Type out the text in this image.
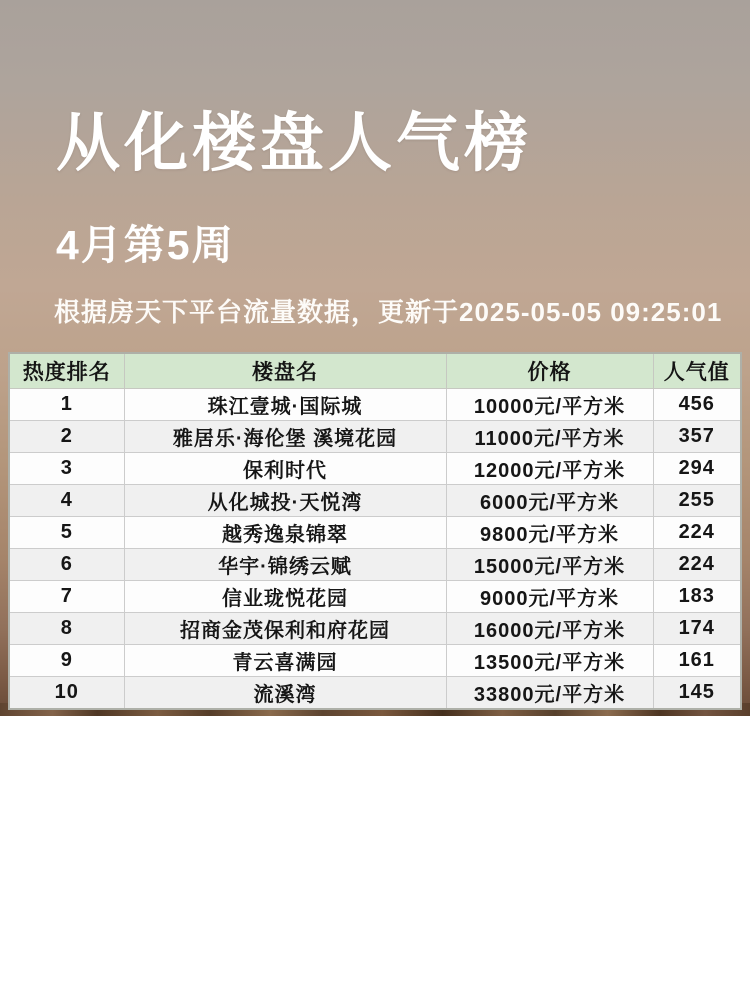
从化楼盘人气榜
4月第5周
根据房天下平台流量数据，更新于2025-05-05 09:25:01
热度排名	楼盘名	价格	人气值
1	珠江壹城·国际城	10000元/平方米	456
2	雅居乐·海伦堡 溪境花园	11000元/平方米	357
3	保利时代	12000元/平方米	294
4	从化城投·天悦湾	6000元/平方米	255
5	越秀逸泉锦翠	9800元/平方米	224
6	华宇·锦绣云赋	15000元/平方米	224
7	信业珑悦花园	9000元/平方米	183
8	招商金茂保利和府花园	16000元/平方米	174
9	青云喜满园	13500元/平方米	161
10	流溪湾	33800元/平方米	145
